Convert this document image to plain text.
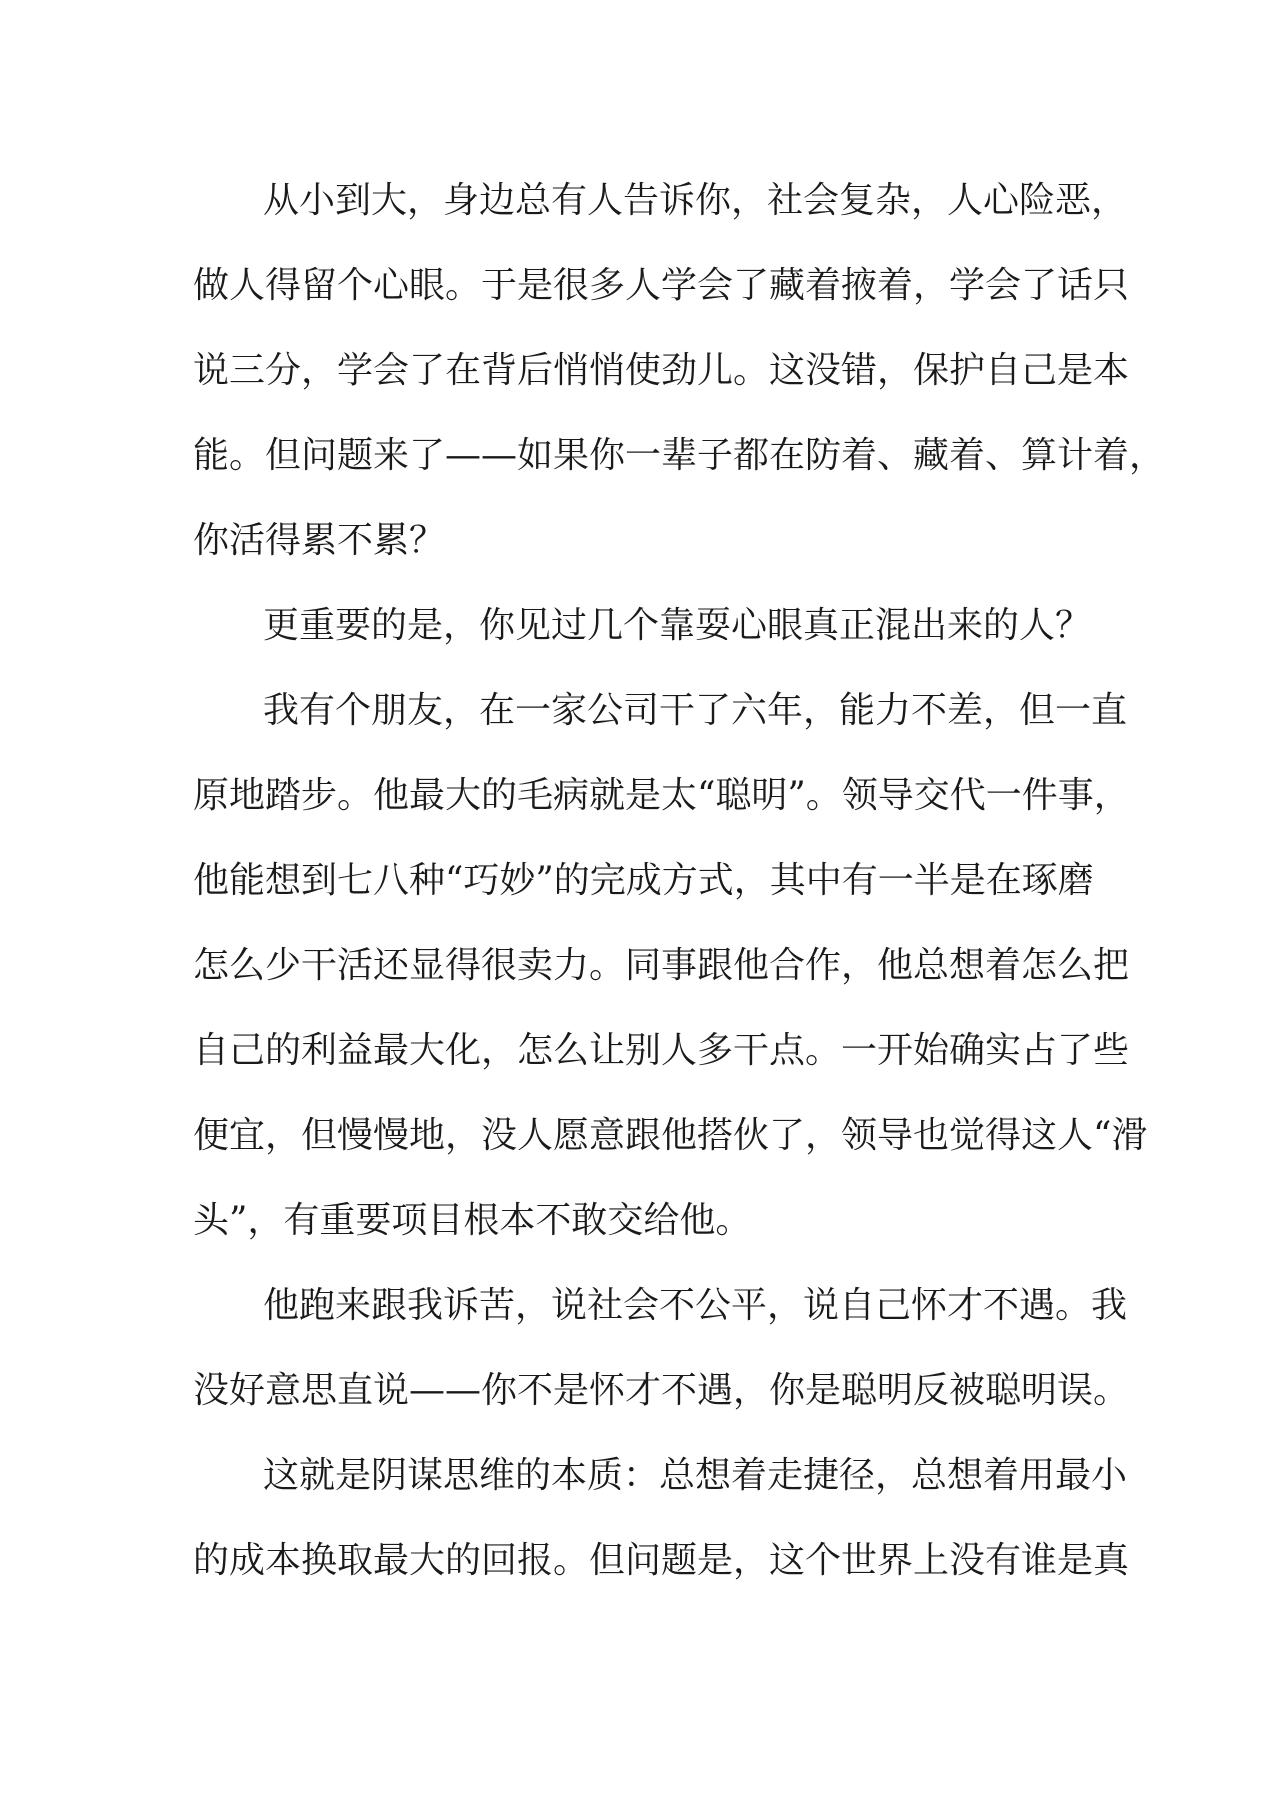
从小到大，身边总有人告诉你，社会复杂，人心险恶，
做人得留个心眼。于是很多人学会了藏着掖着，学会了话只
说三分，学会了在背后悄悄使劲儿。这没错，保护自己是本
能。但问题来了——如果你一辈子都在防着、藏着、算计着，
你活得累不累？
更重要的是，你见过几个靠耍心眼真正混出来的人？
我有个朋友，在一家公司干了六年，能力不差，但一直
原地踏步。他最大的毛病就是太“聪明”。领导交代一件事，
他能想到七八种“巧妙”的完成方式，其中有一半是在琢磨
怎么少干活还显得很卖力。同事跟他合作，他总想着怎么把
自己的利益最大化，怎么让别人多干点。一开始确实占了些
便宜，但慢慢地，没人愿意跟他搭伙了，领导也觉得这人“滑
头”，有重要项目根本不敢交给他。
他跑来跟我诉苦，说社会不公平，说自己怀才不遇。我
没好意思直说——你不是怀才不遇，你是聪明反被聪明误。
这就是阴谋思维的本质：总想着走捷径，总想着用最小
的成本换取最大的回报。但问题是，这个世界上没有谁是真
